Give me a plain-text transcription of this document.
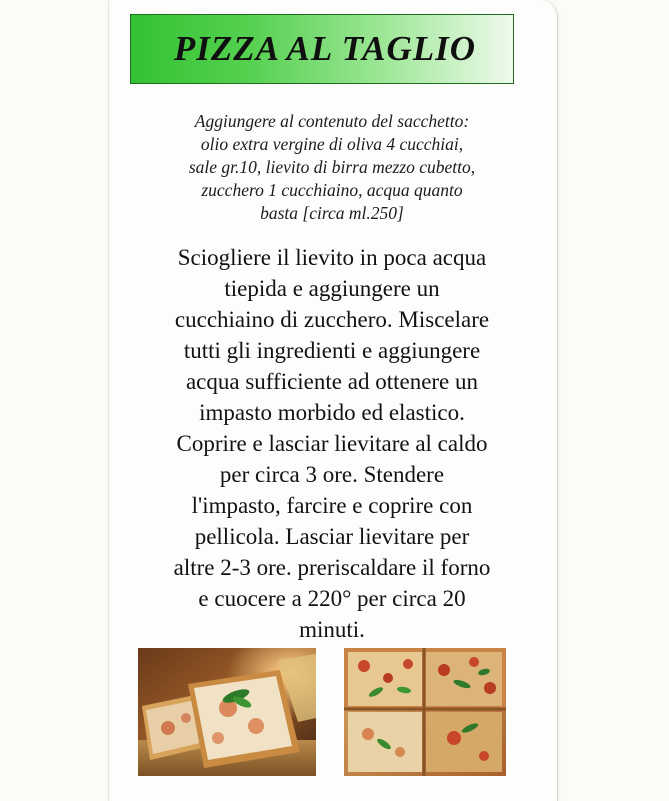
PIZZA AL TAGLIO
Aggiungere al contenuto del sacchetto:
olio extra vergine di oliva 4 cucchiai,
sale gr.10, lievito di birra mezzo cubetto,
zucchero 1 cucchiaino, acqua quanto
basta [circa ml.250]
Sciogliere il lievito in poca acqua
tiepida e aggiungere un
cucchiaino di zucchero. Miscelare
tutti gli ingredienti e aggiungere
acqua sufficiente ad ottenere un
impasto morbido ed elastico.
Coprire e lasciar lievitare al caldo
per circa 3 ore. Stendere
l'impasto, farcire e coprire con
pellicola. Lasciar lievitare per
altre 2-3 ore. preriscaldare il forno
e cuocere a 220° per circa 20
minuti.
